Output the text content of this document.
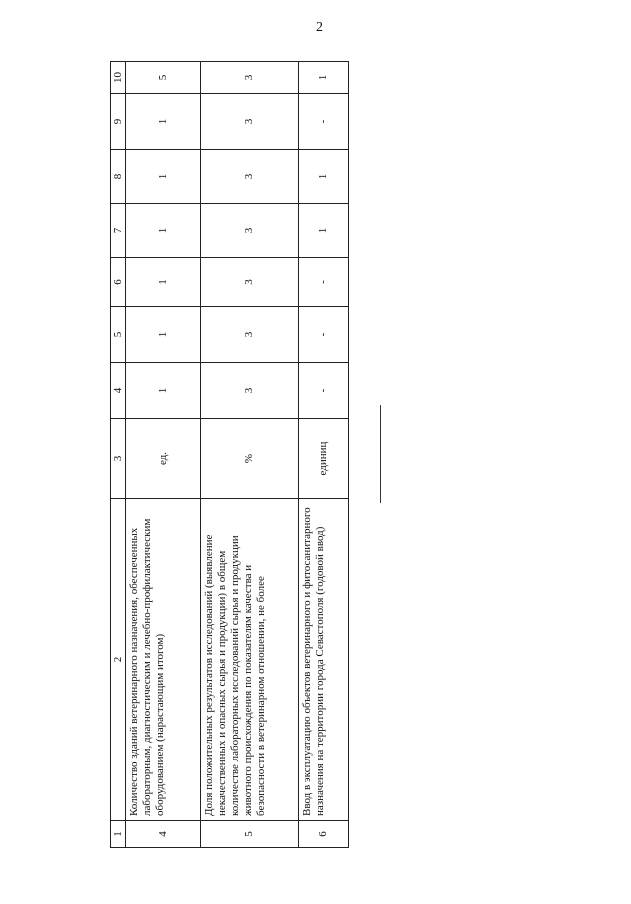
2
1	2	3	4	5	6	7	8	9	10
4	Количество зданий ветеринарного назначения, обеспеченных лабораторным, диагностическим и лечебно-профилактическим оборудованием (нарастающим итогом)	ед.	1	1	1	1	1	1	5
5	Доля положительных результатов исследований (выявление некачественных и опасных сырья и продукции) в общем количестве лабораторных исследований сырья и продукции животного происхождения по показателям качества и безопасности в ветеринарном отношении, не более	%	3	3	3	3	3	3	3
6	Ввод в эксплуатацию объектов ветеринарного и фитосанитарного назначения на территории города Севастополя (годовой ввод)	единиц	-	-	-	1	1	-	1
